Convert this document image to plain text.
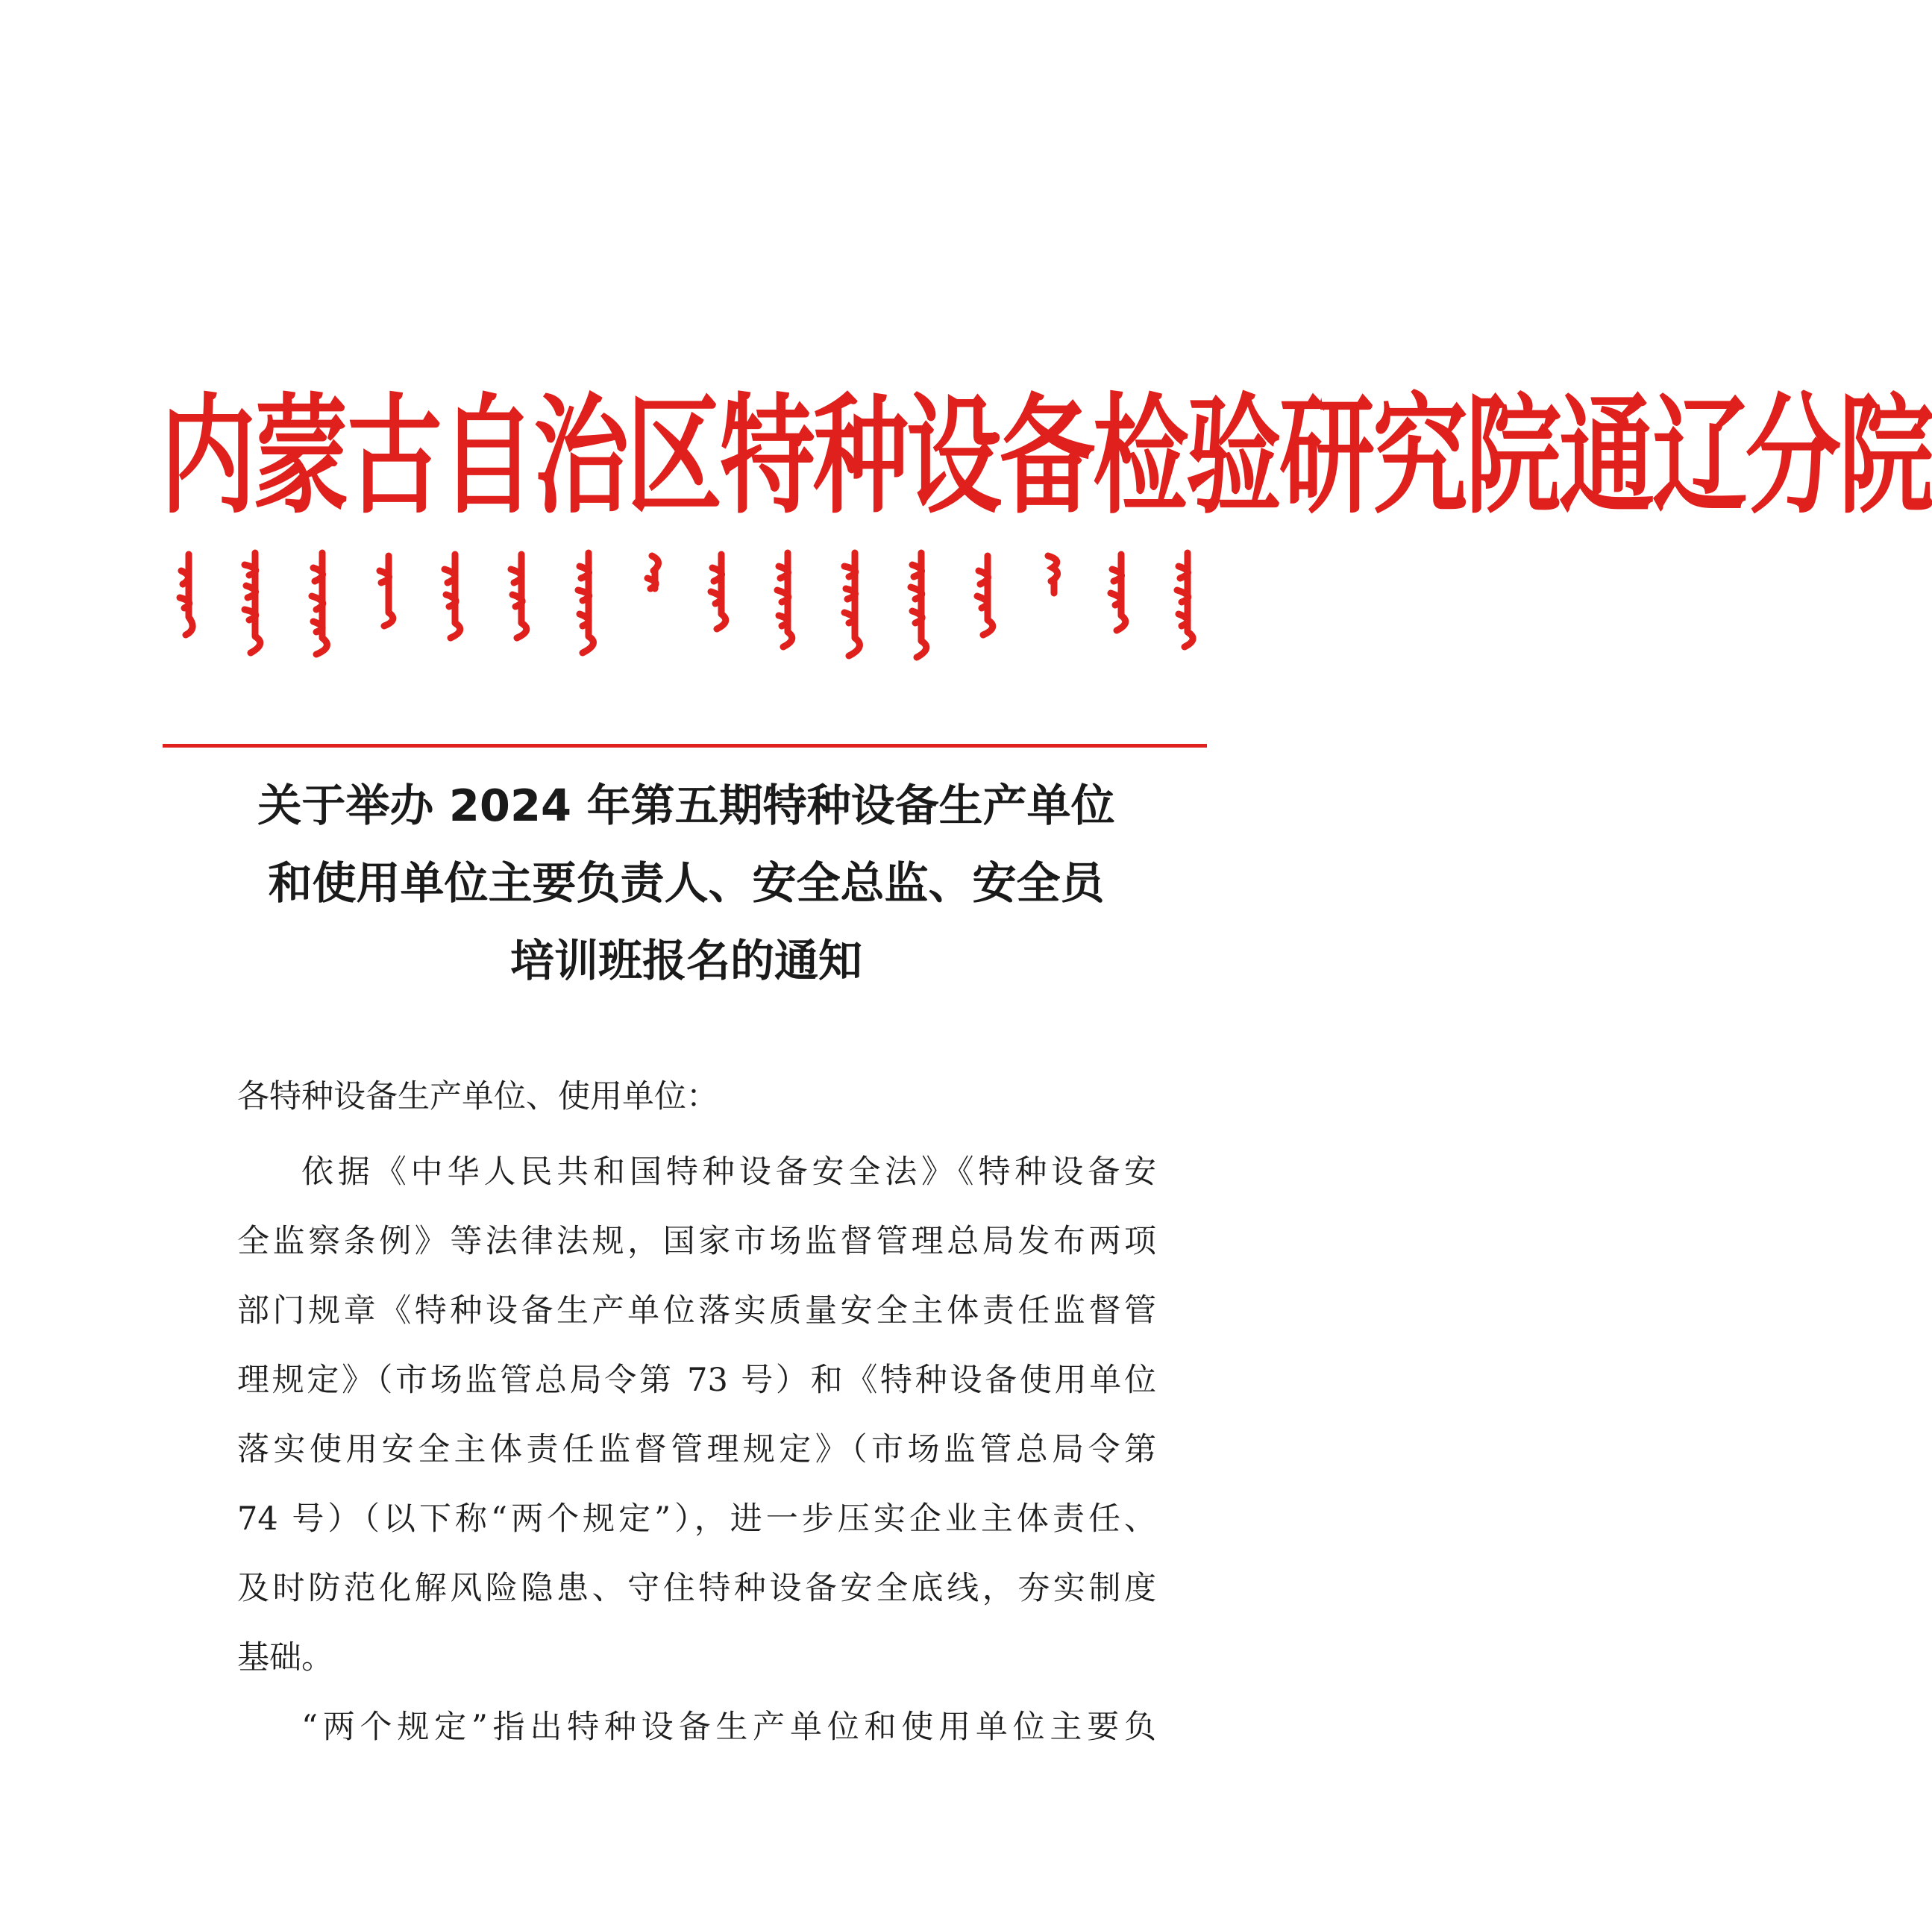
内蒙古自治区特种设备检验研究院通辽分院
关于举办 2024 年第五期特种设备生产单位
和使用单位主要负责人、安全总监、安全员
培训班报名的通知
各特种设备生产单位、使用单位：

依据《中华人民共和国特种设备安全法》《特种设备安
全监察条例》等法律法规，国家市场监督管理总局发布两项
部门规章《特种设备生产单位落实质量安全主体责任监督管
理规定》（市场监管总局令第 73 号）和《特种设备使用单位
落实使用安全主体责任监督管理规定》（市场监管总局令第
74 号）（以下称“两个规定”），进一步压实企业主体责任、
及时防范化解风险隐患、守住特种设备安全底线，夯实制度
基础。

“两个规定”指出特种设备生产单位和使用单位主要负
